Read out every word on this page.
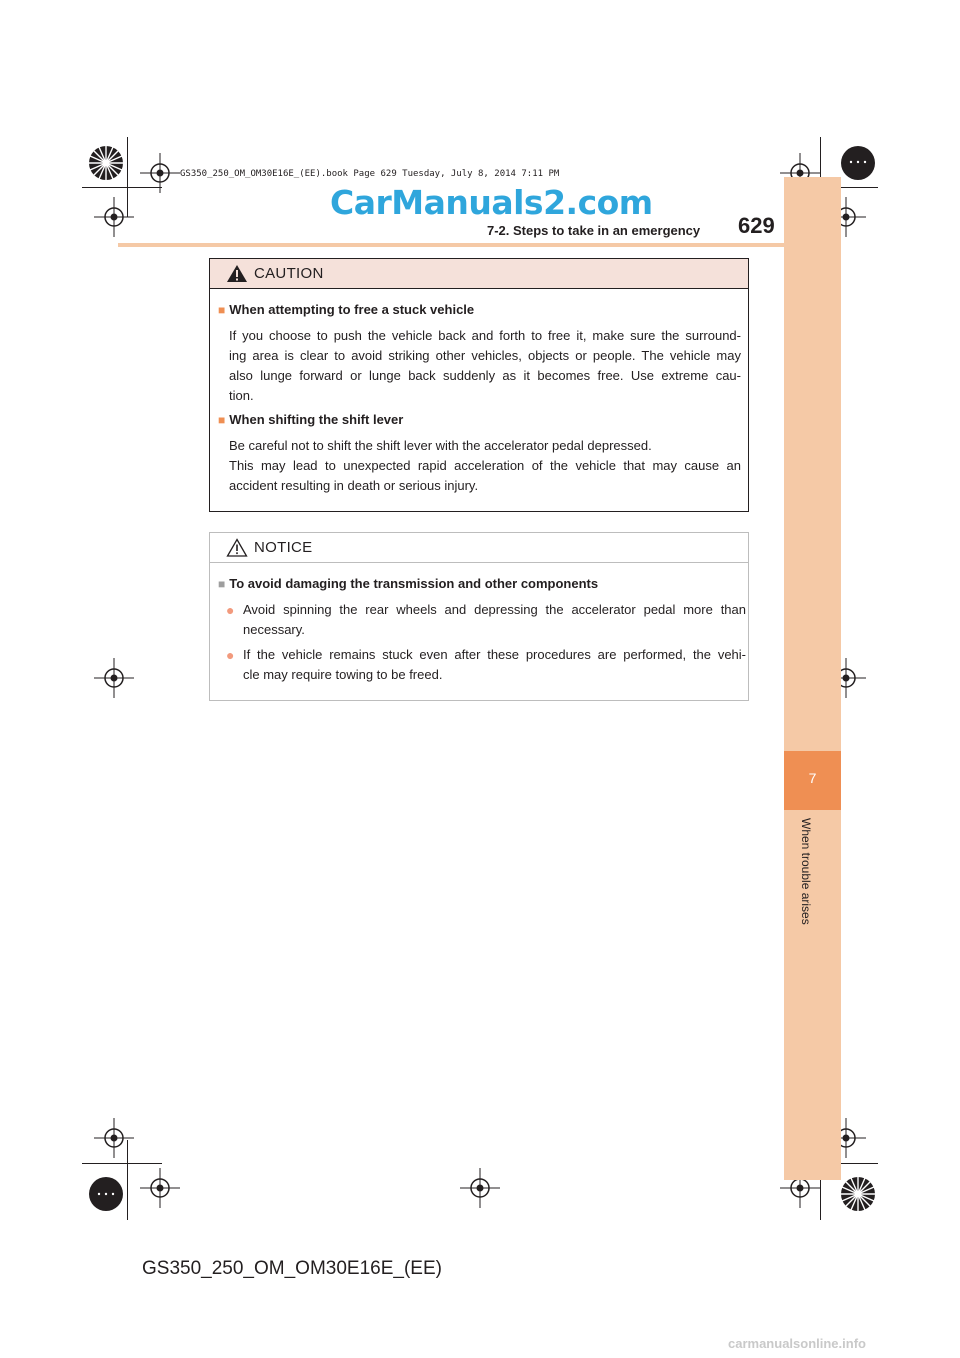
GS350_250_OM_OM30E16E_(EE).book Page 629 Tuesday, July 8, 2014 7:11 PM
CarManuals2.com
7
When trouble arises
7-2. Steps to take in an emergency 629
CAUTION
■ When attempting to free a stuck vehicle
If you choose to push the vehicle back and forth to free it, make sure the surround-
ing area is clear to avoid striking other vehicles, objects or people. The vehicle may
also lunge forward or lunge back suddenly as it becomes free. Use extreme cau-
tion.
■ When shifting the shift lever
Be careful not to shift the shift lever with the accelerator pedal depressed.
This may lead to unexpected rapid acceleration of the vehicle that may cause an
accident resulting in death or serious injury.
NOTICE
■ To avoid damaging the transmission and other components
● Avoid spinning the rear wheels and depressing the accelerator pedal more than
necessary.
● If the vehicle remains stuck even after these procedures are performed, the vehi-
cle may require towing to be freed.
GS350_250_OM_OM30E16E_(EE)
carmanualsonline.info
